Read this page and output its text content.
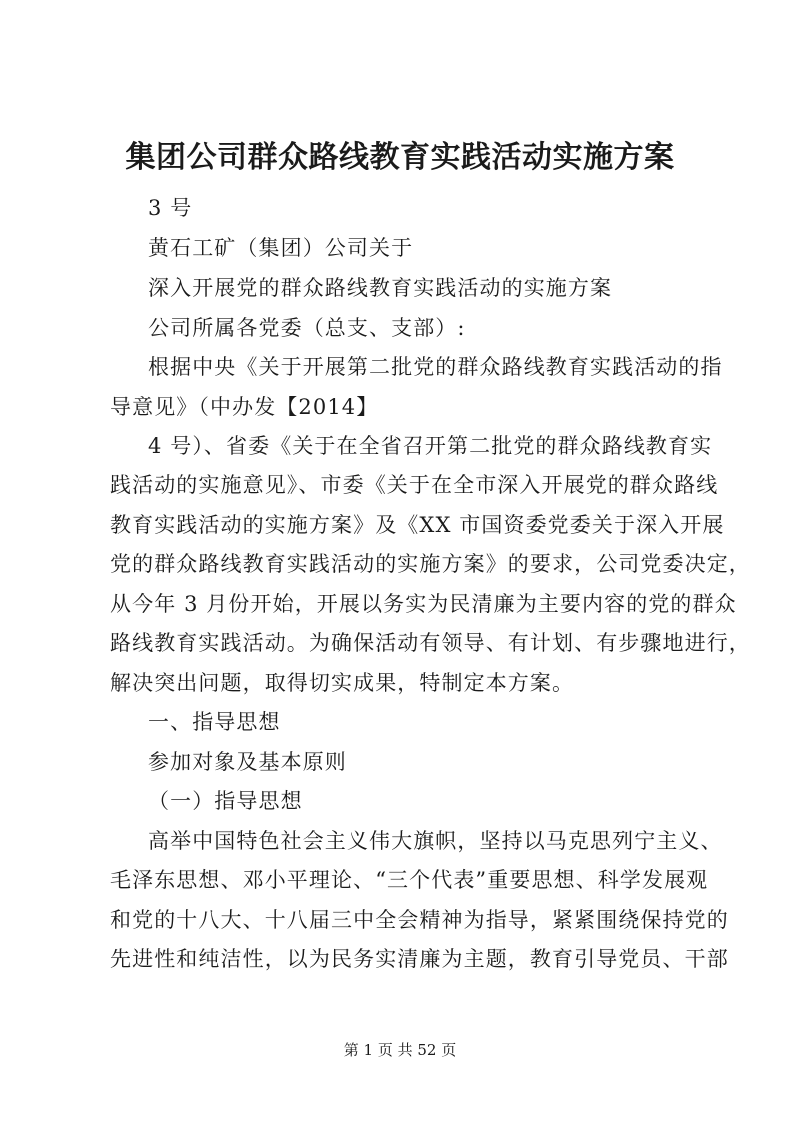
集团公司群众路线教育实践活动实施方案
3 号
黄石工矿（集团）公司关于
深入开展党的群众路线教育实践活动的实施方案
公司所属各党委（总支、支部）:
根据中央《关于开展第二批党的群众路线教育实践活动的指
导意见》（中办发【2014】
4 号）、省委《关于在全省召开第二批党的群众路线教育实
践活动的实施意见》、市委《关于在全市深入开展党的群众路线
教育实践活动的实施方案》及《XX 市国资委党委关于深入开展
党的群众路线教育实践活动的实施方案》的要求，公司党委决定，
从今年 3 月份开始，开展以务实为民清廉为主要内容的党的群众
路线教育实践活动。为确保活动有领导、有计划、有步骤地进行，
解决突出问题，取得切实成果，特制定本方案。
一、指导思想
参加对象及基本原则
（一）指导思想
高举中国特色社会主义伟大旗帜，坚持以马克思列宁主义、
毛泽东思想、邓小平理论、“三个代表”重要思想、科学发展观
和党的十八大、十八届三中全会精神为指导，紧紧围绕保持党的
先进性和纯洁性，以为民务实清廉为主题，教育引导党员、干部
第 1 页 共 52 页
